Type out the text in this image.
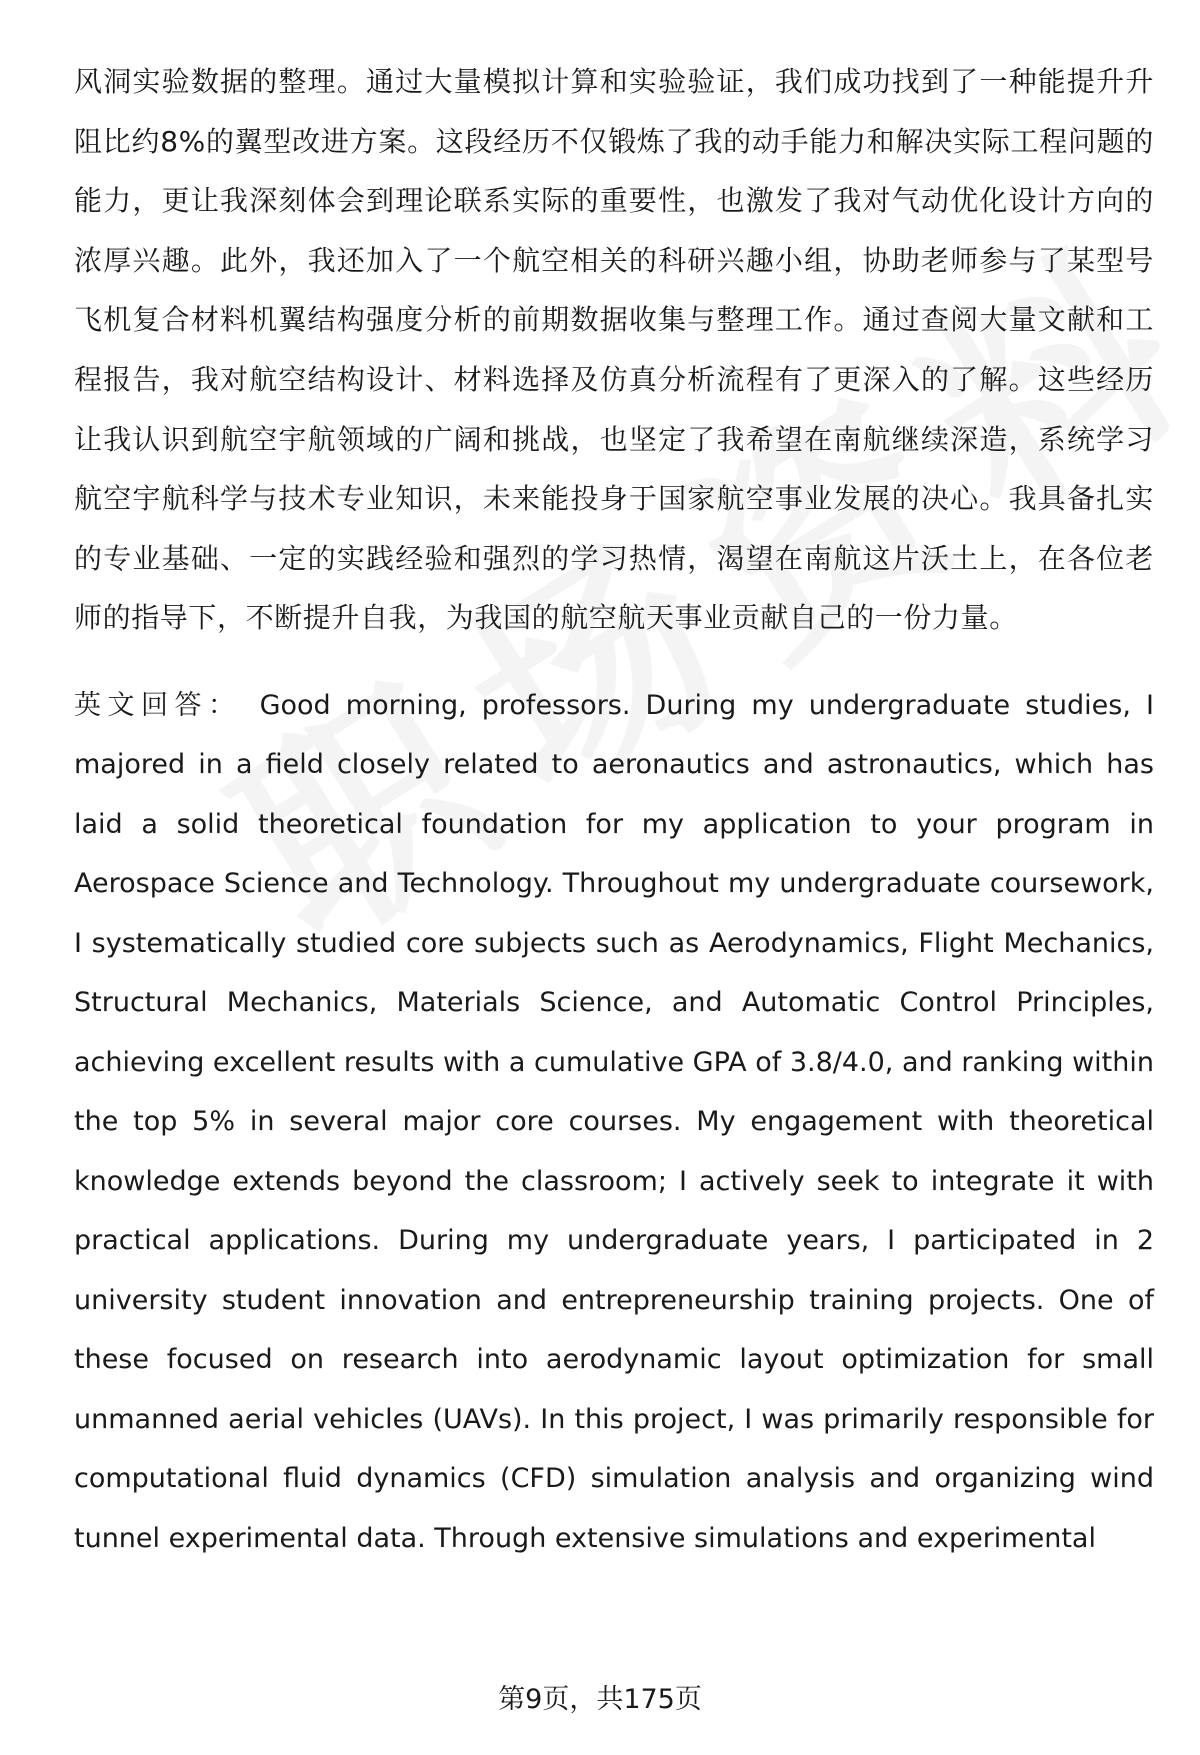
风洞实验数据的整理。通过大量模拟计算和实验验证，我们成功找到了一种能提升升阻比约8%的翼型改进方案。这段经历不仅锻炼了我的动手能力和解决实际工程问题的能力，更让我深刻体会到理论联系实际的重要性，也激发了我对气动优化设计方向的浓厚兴趣。此外，我还加入了一个航空相关的科研兴趣小组，协助老师参与了某型号飞机复合材料机翼结构强度分析的前期数据收集与整理工作。通过查阅大量文献和工程报告，我对航空结构设计、材料选择及仿真分析流程有了更深入的了解。这些经历让我认识到航空宇航领域的广阔和挑战，也坚定了我希望在南航继续深造，系统学习航空宇航科学与技术专业知识，未来能投身于国家航空事业发展的决心。我具备扎实的专业基础、一定的实践经验和强烈的学习热情，渴望在南航这片沃土上，在各位老师的指导下，不断提升自我，为我国的航空航天事业贡献自己的一份力量。

英文回答： Good morning, professors. During my undergraduate studies, I majored in a field closely related to aeronautics and astronautics, which has laid a solid theoretical foundation for my application to your program in Aerospace Science and Technology. Throughout my undergraduate coursework, I systematically studied core subjects such as Aerodynamics, Flight Mechanics, Structural Mechanics, Materials Science, and Automatic Control Principles, achieving excellent results with a cumulative GPA of 3.8/4.0, and ranking within the top 5% in several major core courses. My engagement with theoretical knowledge extends beyond the classroom; I actively seek to integrate it with practical applications. During my undergraduate years, I participated in 2 university student innovation and entrepreneurship training projects. One of these focused on research into aerodynamic layout optimization for small unmanned aerial vehicles (UAVs). In this project, I was primarily responsible for computational fluid dynamics (CFD) simulation analysis and organizing wind tunnel experimental data. Through extensive simulations and experimental

第9页，共175页
